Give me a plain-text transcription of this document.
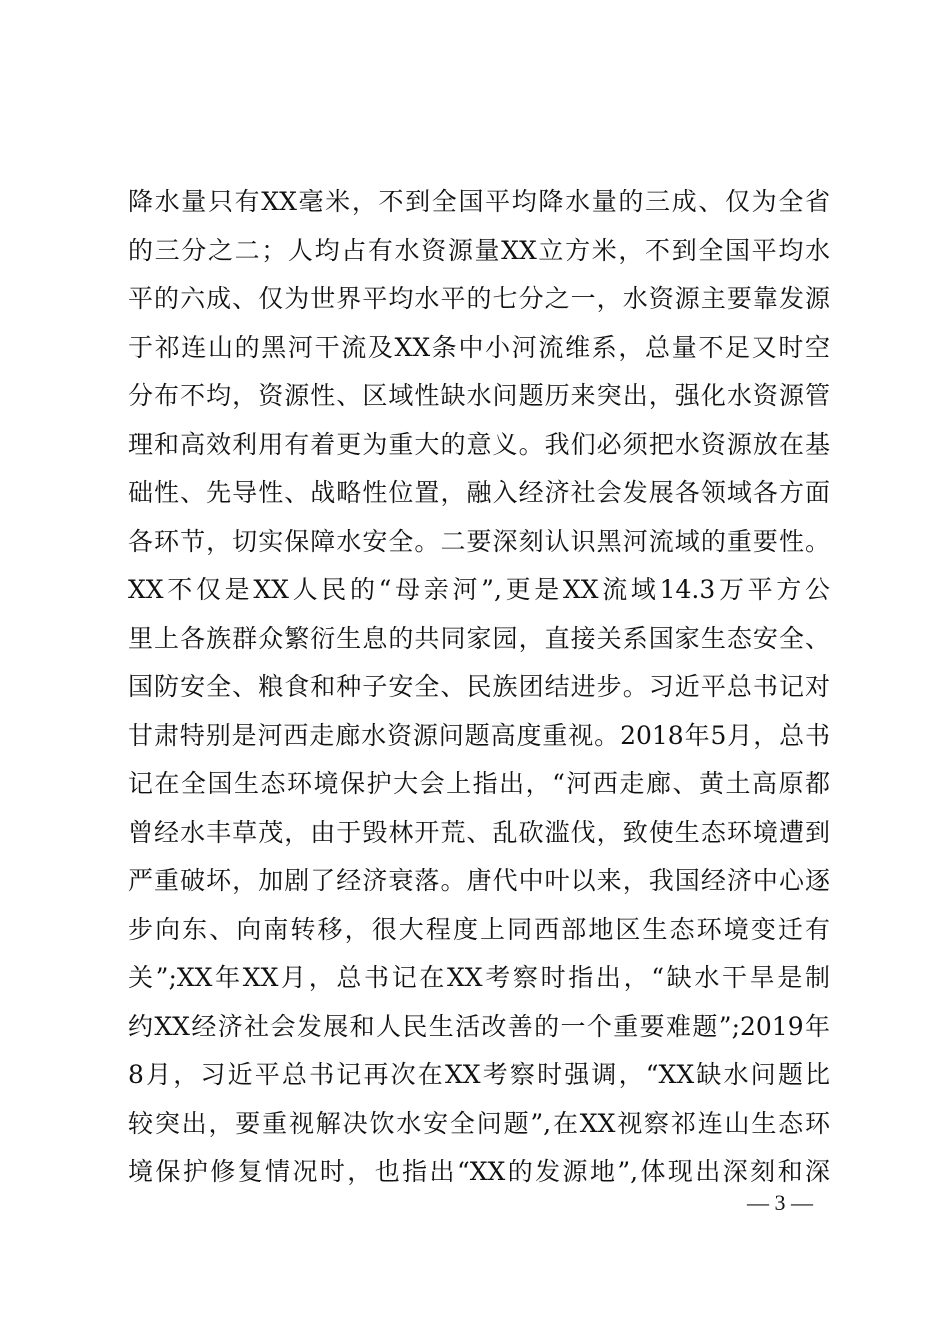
降水量只有XX毫米，不到全国平均降水量的三成、仅为全省
的三分之二；人均占有水资源量XX立方米，不到全国平均水
平的六成、仅为世界平均水平的七分之一，水资源主要靠发源
于祁连山的黑河干流及XX条中小河流维系，总量不足又时空
分布不均，资源性、区域性缺水问题历来突出，强化水资源管
理和高效利用有着更为重大的意义。我们必须把水资源放在基
础性、先导性、战略性位置，融入经济社会发展各领域各方面
各环节，切实保障水安全。二要深刻认识黑河流域的重要性。
XX不仅是XX人民的“母亲河”,更是XX流域14.3万平方公
里上各族群众繁衍生息的共同家园，直接关系国家生态安全、
国防安全、粮食和种子安全、民族团结进步。习近平总书记对
甘肃特别是河西走廊水资源问题高度重视。2018年5月，总书
记在全国生态环境保护大会上指出，“河西走廊、黄土高原都
曾经水丰草茂，由于毁林开荒、乱砍滥伐，致使生态环境遭到
严重破坏，加剧了经济衰落。唐代中叶以来，我国经济中心逐
步向东、向南转移，很大程度上同西部地区生态环境变迁有
关”;XX年XX月，总书记在XX考察时指出，“缺水干旱是制
约XX经济社会发展和人民生活改善的一个重要难题”;2019年
8月，习近平总书记再次在XX考察时强调，“XX缺水问题比
较突出，要重视解决饮水安全问题”,在XX视察祁连山生态环
境保护修复情况时，也指出“XX的发源地”,体现出深刻和深
— 3 —
